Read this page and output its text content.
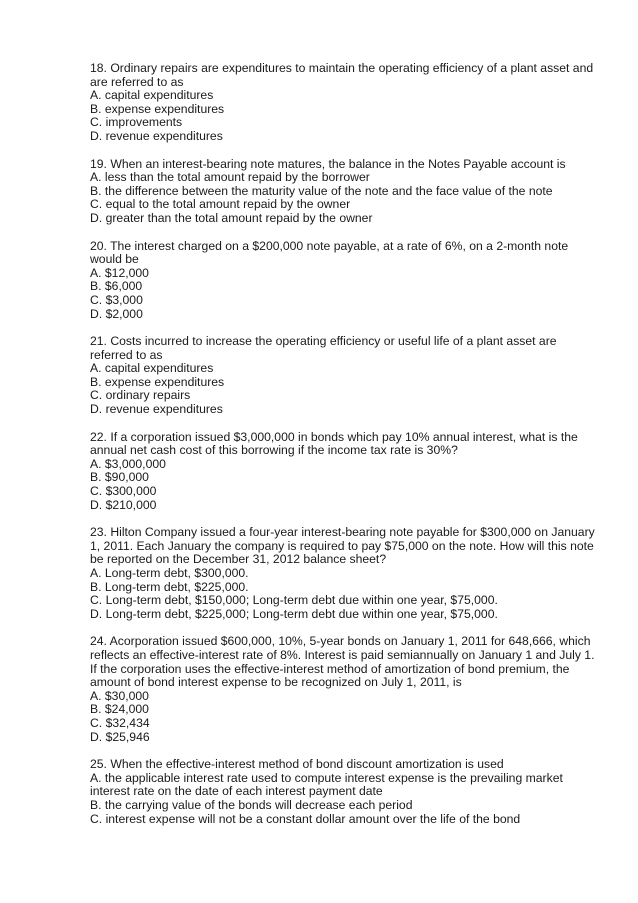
18. Ordinary repairs are expenditures to maintain the operating efficiency of a plant asset and are referred to as

A. capital expenditures

B. expense expenditures

C. improvements

D. revenue expenditures

19. When an interest-bearing note matures, the balance in the Notes Payable account is

A. less than the total amount repaid by the borrower

B. the difference between the maturity value of the note and the face value of the note

C. equal to the total amount repaid by the owner

D. greater than the total amount repaid by the owner

20. The interest charged on a $200,000 note payable, at a rate of 6%, on a 2-month note would be

A. $12,000

B. $6,000

C. $3,000

D. $2,000

21. Costs incurred to increase the operating efficiency or useful life of a plant asset are referred to as

A. capital expenditures

B. expense expenditures

C. ordinary repairs

D. revenue expenditures

22. If a corporation issued $3,000,000 in bonds which pay 10% annual interest, what is the annual net cash cost of this borrowing if the income tax rate is 30%?

A. $3,000,000

B. $90,000

C. $300,000

D. $210,000

23. Hilton Company issued a four-year interest-bearing note payable for $300,000 on January 1, 2011. Each January the company is required to pay $75,000 on the note. How will this note be reported on the December 31, 2012 balance sheet?

A. Long-term debt, $300,000.

B. Long-term debt, $225,000.

C. Long-term debt, $150,000; Long-term debt due within one year, $75,000.

D. Long-term debt, $225,000; Long-term debt due within one year, $75,000.

24. Acorporation issued $600,000, 10%, 5-year bonds on January 1, 2011 for 648,666, which reflects an effective-interest rate of 8%. Interest is paid semiannually on January 1 and July 1. If the corporation uses the effective-interest method of amortization of bond premium, the amount of bond interest expense to be recognized on July 1, 2011, is

A. $30,000

B. $24,000

C. $32,434

D. $25,946

25. When the effective-interest method of bond discount amortization is used

A. the applicable interest rate used to compute interest expense is the prevailing market interest rate on the date of each interest payment date

B. the carrying value of the bonds will decrease each period

C. interest expense will not be a constant dollar amount over the life of the bond
